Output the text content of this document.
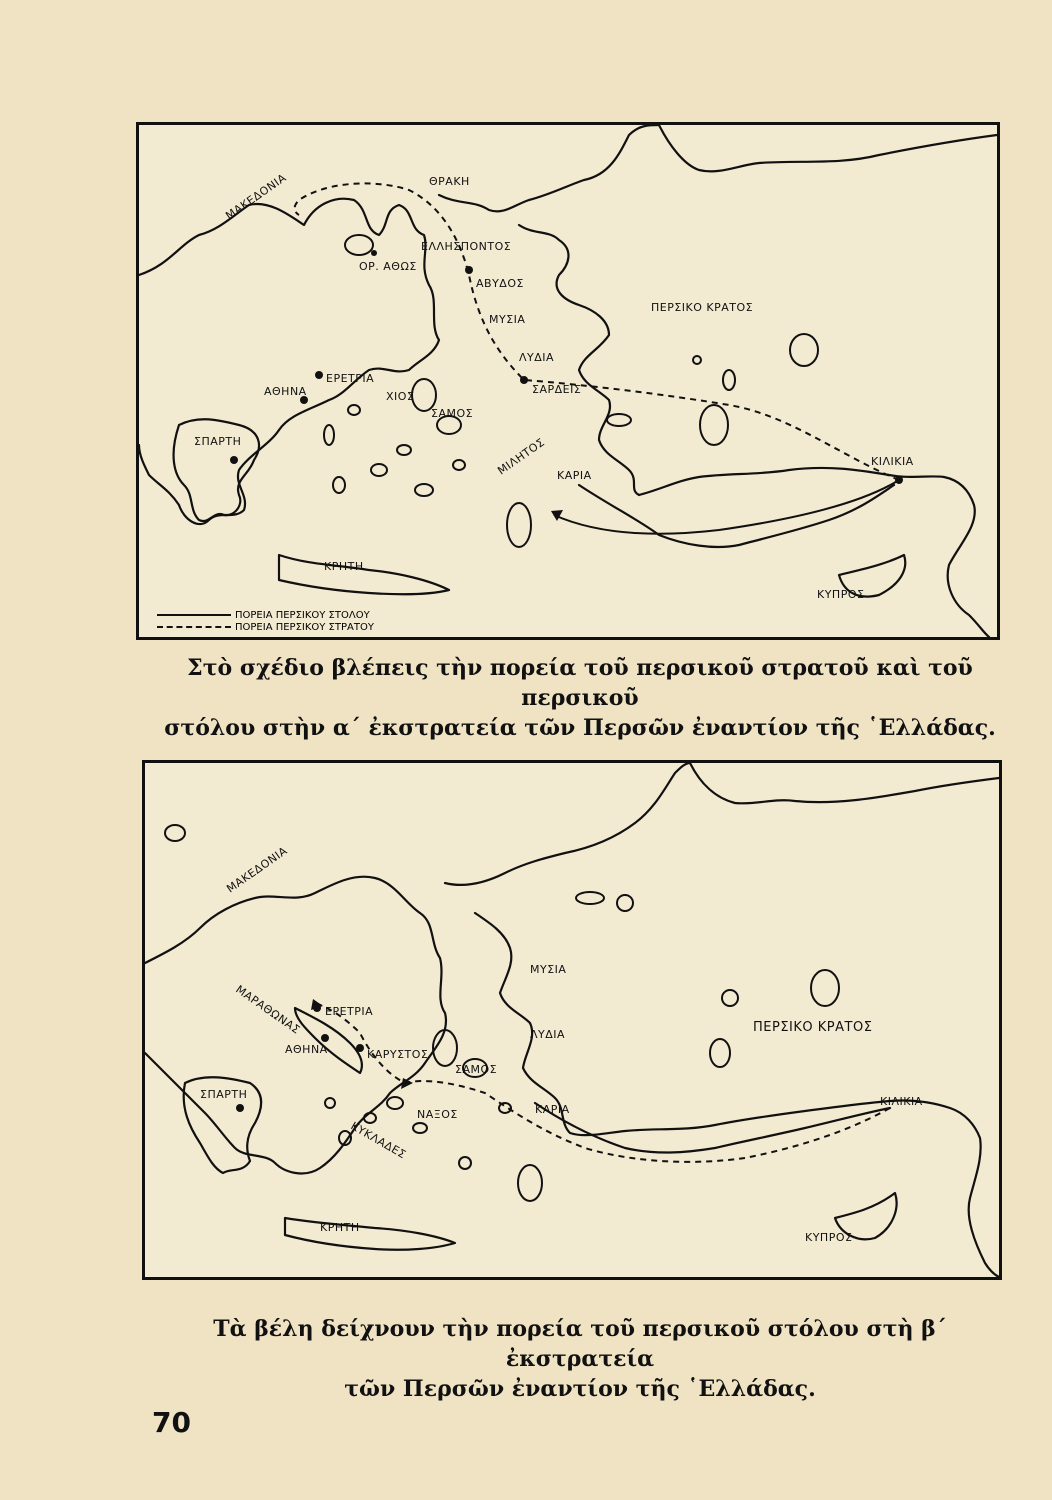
ΜΑΚΕΔΟΝΙΑ	ΘΡΑΚΗ
ΕΛΛΗΣΠΟΝΤΟΣ
ΟΡ. ΑΘΩΣ
ΑΒΥΔΟΣ
ΜΥΣΙΑ
ΛΥΔΙΑ
ΠΕΡΣΙΚΟ ΚΡΑΤΟΣ
ΣΑΡΔΕΙΣ
ΕΡΕΤΡΙΑ
ΑΘΗΝΑ	ΧΙΟΣ
ΣΑΜΟΣ
ΣΠΑΡΤΗ	ΜΙΛΗΤΟΣ ΚΑΡΙΑ
ΚΙΛΙΚΙΑ
ΚΡΗΤΗ
ΚΥΠΡΟΣ
ΠΟΡΕΙΑ ΠΕΡΣΙΚΟΥ ΣΤΟΛΟΥ
ΠΟΡΕΙΑ ΠΕΡΣΙΚΟΥ ΣΤΡΑΤΟΥ
Στὸ σχέδιο βλέπεις τὴν πορεία τοῦ περσικοῦ στρατοῦ καὶ τοῦ περσικοῦ
στόλου στὴν α΄ ἐκστρατεία τῶν Περσῶν ἐναντίον τῆς ῾Ελλάδας.
ΜΑΚΕΔΟΝΙΑ
ΜΥΣΙΑ
ΜΑΡΑΘΩΝΑΣ ΕΡΕΤΡΙΑ
ΛΥΔΙΑ	ΠΕΡΣΙΚΟ ΚΡΑΤΟΣ
ΑΘΗΝΑ	ΚΑΡΥΣΤΟΣ
ΣΑΜΟΣ
ΣΠΑΡΤΗ
ΝΑΞΟΣ	ΚΑΡΙΑ
ΚΙΛΙΚΙΑ
ΚΥΚΛΑΔΕΣ
ΚΡΗΤΗ
ΚΥΠΡΟΣ
Τὰ βέλη δείχνουν τὴν πορεία τοῦ περσικοῦ στόλου στὴ β΄ ἐκστρατεία
τῶν Περσῶν ἐναντίον τῆς ῾Ελλάδας.
70
